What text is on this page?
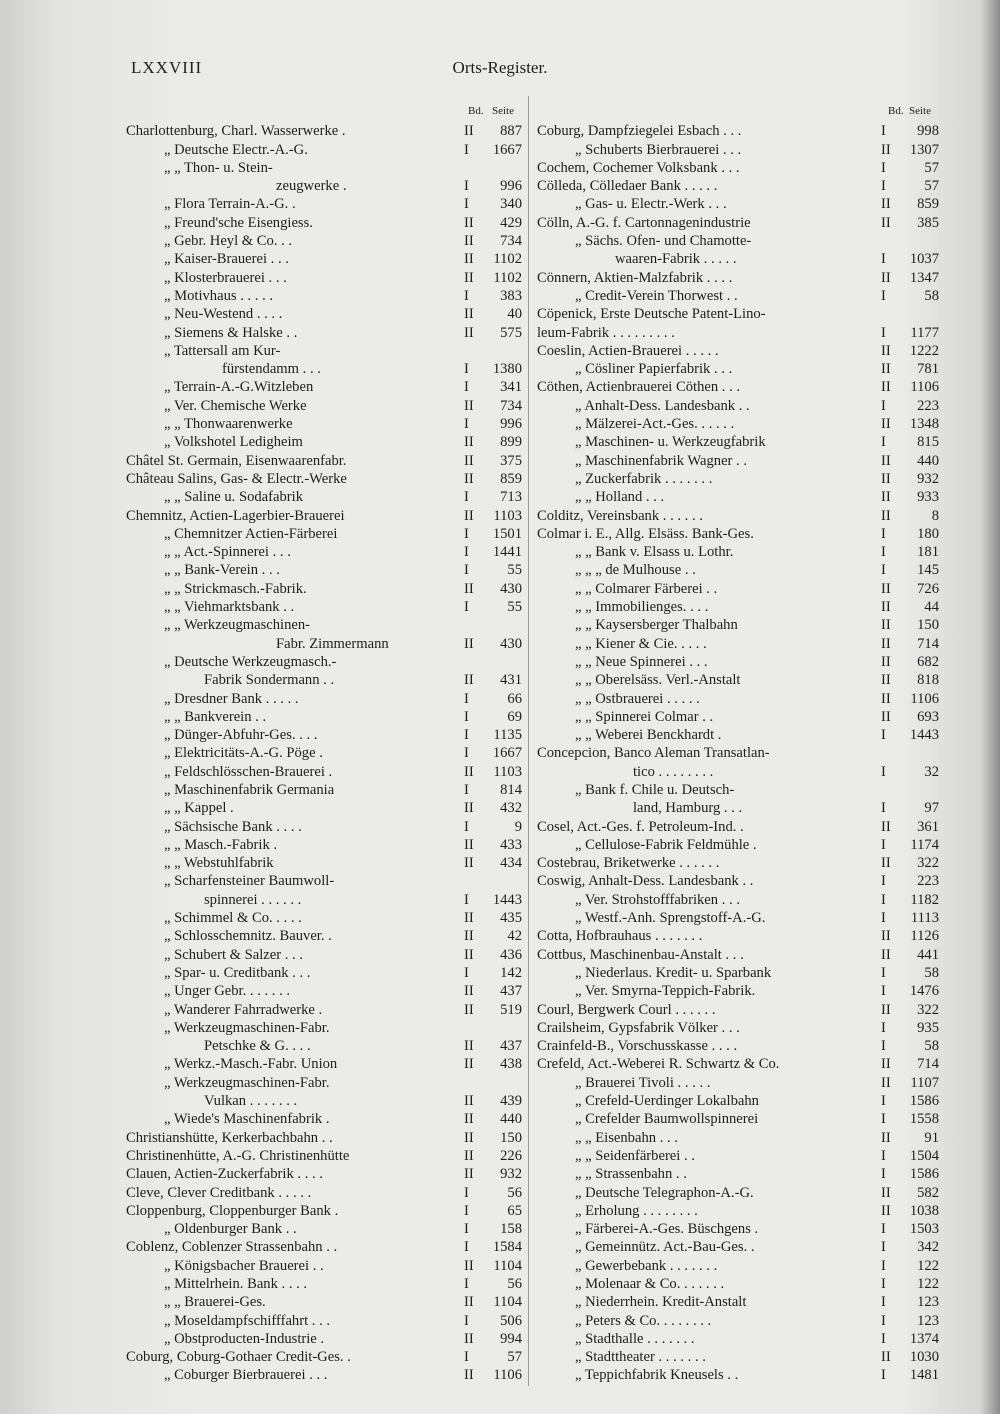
LXXVIII	Orts-Register.
Bd. Seite
Charlottenburg, Charl. Wasserwerke .	II	887
„ Deutsche Electr.-A.-G.	I	1667
„ „ Thon- u. Stein-
zeugwerke .	I	996
„ Flora Terrain-A.-G. .	I	340
„ Freund'sche Eisengiess.	II	429
„ Gebr. Heyl & Co. . .	II	734
„ Kaiser-Brauerei . . .	II	1102
„ Klosterbrauerei . . .	II	1102
„ Motivhaus . . . . .	I	383
„ Neu-Westend . . . .	II	40
„ Siemens & Halske . .	II	575
„ Tattersall am Kur-
fürstendamm . . .	I	1380
„ Terrain-A.-G.Witzleben	I	341
„ Ver. Chemische Werke	II	734
„ „ Thonwaarenwerke	I	996
„ Volkshotel Ledigheim	II	899
Châtel St. Germain, Eisenwaarenfabr.	II	375
Château Salins, Gas- & Electr.-Werke	II	859
„ „ Saline u. Sodafabrik	I	713
Chemnitz, Actien-Lagerbier-Brauerei	II	1103
„ Chemnitzer Actien-Färberei	I	1501
„ „ Act.-Spinnerei . . .	I	1441
„ „ Bank-Verein . . .	I	55
„ „ Strickmasch.-Fabrik.	II	430
„ „ Viehmarktsbank . .	I	55
„ „ Werkzeugmaschinen-
Fabr. Zimmermann	II	430
„ Deutsche Werkzeugmasch.-
Fabrik Sondermann . .	II	431
„ Dresdner Bank . . . . .	I	66
„ „ Bankverein . .	I	69
„ Dünger-Abfuhr-Ges. . . .	I	1135
„ Elektricitäts-A.-G. Pöge .	I	1667
„ Feldschlösschen-Brauerei .	II	1103
„ Maschinenfabrik Germania	I	814
„ „ Kappel .	II	432
„ Sächsische Bank . . . .	I	9
„ „ Masch.-Fabrik .	II	433
„ „ Webstuhlfabrik	II	434
„ Scharfensteiner Baumwoll-
spinnerei . . . . . .	I	1443
„ Schimmel & Co. . . . .	II	435
„ Schlosschemnitz. Bauver. .	II	42
„ Schubert & Salzer . . .	II	436
„ Spar- u. Creditbank . . .	I	142
„ Unger Gebr. . . . . . .	II	437
„ Wanderer Fahrradwerke .	II	519
„ Werkzeugmaschinen-Fabr.
Petschke & G. . . .	II	437
„ Werkz.-Masch.-Fabr. Union	II	438
„ Werkzeugmaschinen-Fabr.
Vulkan . . . . . . .	II	439
„ Wiede's Maschinenfabrik .	II	440
Christianshütte, Kerkerbachbahn . .	II	150
Christinenhütte, A.-G. Christinenhütte	II	226
Clauen, Actien-Zuckerfabrik . . . .	II	932
Cleve, Clever Creditbank . . . . .	I	56
Cloppenburg, Cloppenburger Bank .	I	65
„ Oldenburger Bank . .	I	158
Coblenz, Coblenzer Strassenbahn . .	I	1584
„ Königsbacher Brauerei . .	II	1104
„ Mittelrhein. Bank . . . .	I	56
„ „ Brauerei-Ges.	II	1104
„ Moseldampfschifffahrt . . .	I	506
„ Obstproducten-Industrie .	II	994
Coburg, Coburg-Gothaer Credit-Ges. .	I	57
„ Coburger Bierbrauerei . . .	II	1106
Bd. Seite
Coburg, Dampfziegelei Esbach . . .	I	998
„ Schuberts Bierbrauerei . . .	II	1307
Cochem, Cochemer Volksbank . . .	I	57
Cölleda, Cölledaer Bank . . . . .	I	57
„ Gas- u. Electr.-Werk . . .	II	859
Cölln, A.-G. f. Cartonnagenindustrie	II	385
„ Sächs. Ofen- und Chamotte-
waaren-Fabrik . . . . .	I	1037
Cönnern, Aktien-Malzfabrik . . . .	II	1347
„ Credit-Verein Thorwest . .	I	58
Cöpenick, Erste Deutsche Patent-Lino-
leum-Fabrik . . . . . . . . .	I	1177
Coeslin, Actien-Brauerei . . . . .	II	1222
„ Cösliner Papierfabrik . . .	II	781
Cöthen, Actienbrauerei Cöthen . . .	II	1106
„ Anhalt-Dess. Landesbank . .	I	223
„ Mälzerei-Act.-Ges. . . . . .	II	1348
„ Maschinen- u. Werkzeugfabrik	I	815
„ Maschinenfabrik Wagner . .	II	440
„ Zuckerfabrik . . . . . . .	II	932
„ „ Holland . . .	II	933
Colditz, Vereinsbank . . . . . .	II	8
Colmar i. E., Allg. Elsäss. Bank-Ges.	I	180
„ „ Bank v. Elsass u. Lothr.	I	181
„ „ „ de Mulhouse . .	I	145
„ „ Colmarer Färberei . .	II	726
„ „ Immobilienges. . . .	II	44
„ „ Kaysersberger Thalbahn	II	150
„ „ Kiener & Cie. . . . .	II	714
„ „ Neue Spinnerei . . .	II	682
„ „ Oberelsäss. Verl.-Anstalt	II	818
„ „ Ostbrauerei . . . . .	II	1106
„ „ Spinnerei Colmar . .	II	693
„ „ Weberei Benckhardt .	I	1443
Concepcion, Banco Aleman Transatlan-
tico . . . . . . . .	I	32
„ Bank f. Chile u. Deutsch-
land, Hamburg . . .	I	97
Cosel, Act.-Ges. f. Petroleum-Ind. .	II	361
„ Cellulose-Fabrik Feldmühle .	I	1174
Costebrau, Briketwerke . . . . . .	II	322
Coswig, Anhalt-Dess. Landesbank . .	I	223
„ Ver. Strohstofffabriken . . .	I	1182
„ Westf.-Anh. Sprengstoff-A.-G.	I	1113
Cotta, Hofbrauhaus . . . . . . .	II	1126
Cottbus, Maschinenbau-Anstalt . . .	II	441
„ Niederlaus. Kredit- u. Sparbank	I	58
„ Ver. Smyrna-Teppich-Fabrik.	I	1476
Courl, Bergwerk Courl . . . . . .	II	322
Crailsheim, Gypsfabrik Völker . . .	I	935
Crainfeld-B., Vorschusskasse . . . .	I	58
Crefeld, Act.-Weberei R. Schwartz & Co.	II	714
„ Brauerei Tivoli . . . . .	II	1107
„ Crefeld-Uerdinger Lokalbahn	I	1586
„ Crefelder Baumwollspinnerei	I	1558
„ „ Eisenbahn . . .	II	91
„ „ Seidenfärberei . .	I	1504
„ „ Strassenbahn . .	I	1586
„ Deutsche Telegraphon-A.-G.	II	582
„ Erholung . . . . . . . .	II	1038
„ Färberei-A.-Ges. Büschgens .	I	1503
„ Gemeinnütz. Act.-Bau-Ges. .	I	342
„ Gewerbebank . . . . . . .	I	122
„ Molenaar & Co. . . . . . .	I	122
„ Niederrhein. Kredit-Anstalt	I	123
„ Peters & Co. . . . . . . .	I	123
„ Stadthalle . . . . . . .	I	1374
„ Stadttheater . . . . . . .	II	1030
„ Teppichfabrik Kneusels . .	I	1481
